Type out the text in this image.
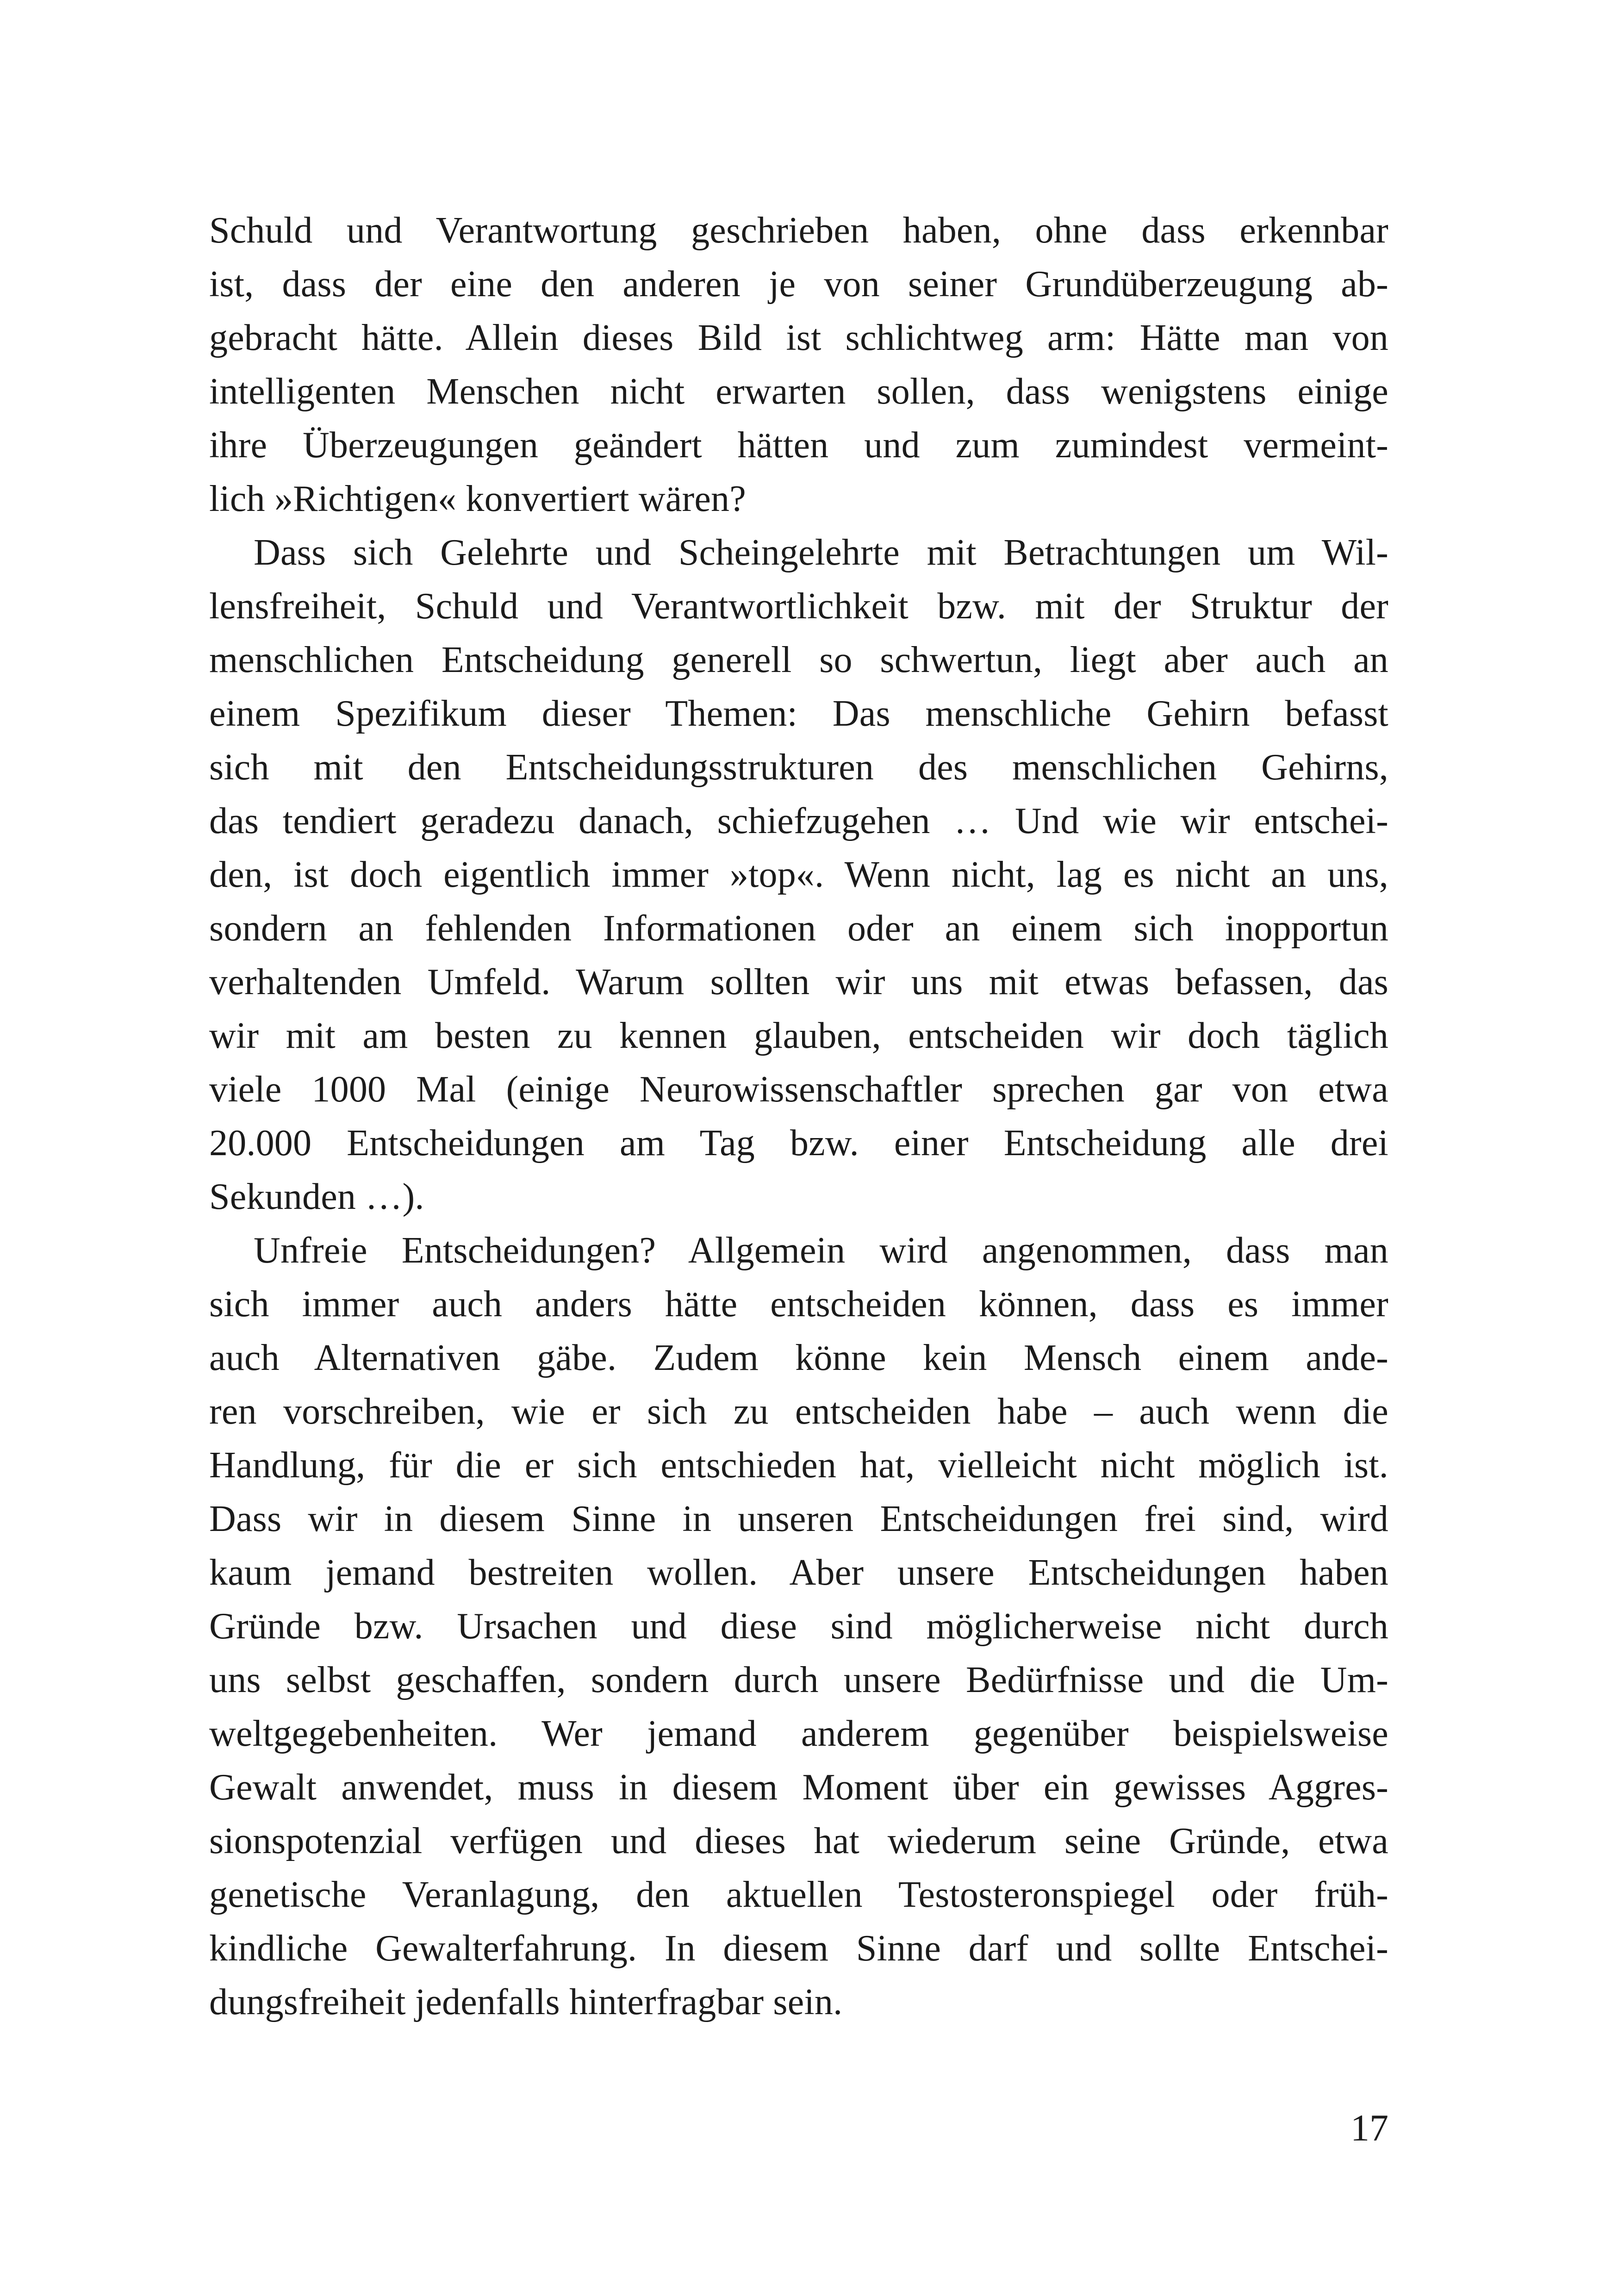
Schuld und Verantwortung geschrieben haben, ohne dass erkennbar
ist, dass der eine den anderen je von seiner Grundüberzeugung ab-
gebracht hätte. Allein dieses Bild ist schlichtweg arm: Hätte man von
intelligenten Menschen nicht erwarten sollen, dass wenigstens einige
ihre Überzeugungen geändert hätten und zum zumindest vermeint-
lich »Richtigen« konvertiert wären?
Dass sich Gelehrte und Scheingelehrte mit Betrachtungen um Wil-
lensfreiheit, Schuld und Verantwortlichkeit bzw. mit der Struktur der
menschlichen Entscheidung generell so schwertun, liegt aber auch an
einem Spezifikum dieser Themen: Das menschliche Gehirn befasst
sich mit den Entscheidungsstrukturen des menschlichen Gehirns,
das tendiert geradezu danach, schiefzugehen … Und wie wir entschei-
den, ist doch eigentlich immer »top«. Wenn nicht, lag es nicht an uns,
sondern an fehlenden Informationen oder an einem sich inopportun
verhaltenden Umfeld. Warum sollten wir uns mit etwas befassen, das
wir mit am besten zu kennen glauben, entscheiden wir doch täglich
viele 1000 Mal (einige Neurowissenschaftler sprechen gar von etwa
20.000 Entscheidungen am Tag bzw. einer Entscheidung alle drei
Sekunden …).
Unfreie Entscheidungen? Allgemein wird angenommen, dass man
sich immer auch anders hätte entscheiden können, dass es immer
auch Alternativen gäbe. Zudem könne kein Mensch einem ande-
ren vorschreiben, wie er sich zu entscheiden habe – auch wenn die
Handlung, für die er sich entschieden hat, vielleicht nicht möglich ist.
Dass wir in diesem Sinne in unseren Entscheidungen frei sind, wird
kaum jemand bestreiten wollen. Aber unsere Entscheidungen haben
Gründe bzw. Ursachen und diese sind möglicherweise nicht durch
uns selbst geschaffen, sondern durch unsere Bedürfnisse und die Um-
weltgegebenheiten. Wer jemand anderem gegenüber beispielsweise
Gewalt anwendet, muss in diesem Moment über ein gewisses Aggres-
sionspotenzial verfügen und dieses hat wiederum seine Gründe, etwa
genetische Veranlagung, den aktuellen Testosteronspiegel oder früh-
kindliche Gewalterfahrung. In diesem Sinne darf und sollte Entschei-
dungsfreiheit jedenfalls hinterfragbar sein.
17
